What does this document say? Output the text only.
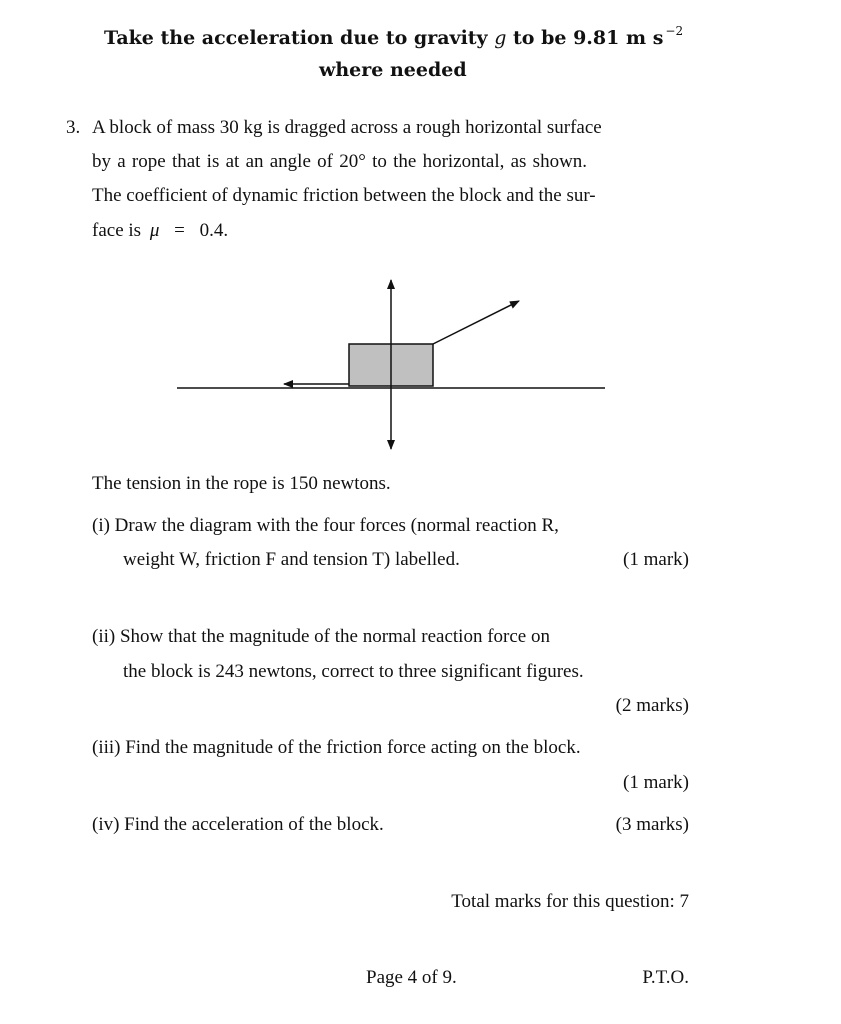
Take the acceleration due to gravity g to be 9.81 m s $^{-2}$
where needed
3. A block of mass 30 kg is dragged across a rough horizontal surface
by a rope that is at an angle of 20° to the horizontal, as shown.
The coefficient of dynamic friction between the block and the sur-
face is μ = 0.4.
The tension in the rope is 150 newtons.
(i) Draw the diagram with the four forces (normal reaction R,
weight W, friction F and tension T) labelled.	(1 mark)
(ii) Show that the magnitude of the normal reaction force on
the block is 243 newtons, correct to three significant figures.
(2 marks)
(iii) Find the magnitude of the friction force acting on the block.
(1 mark)
(iv) Find the acceleration of the block.	(3 marks)
Total marks for this question: 7
Page 4 of 9.	P.T.O.
